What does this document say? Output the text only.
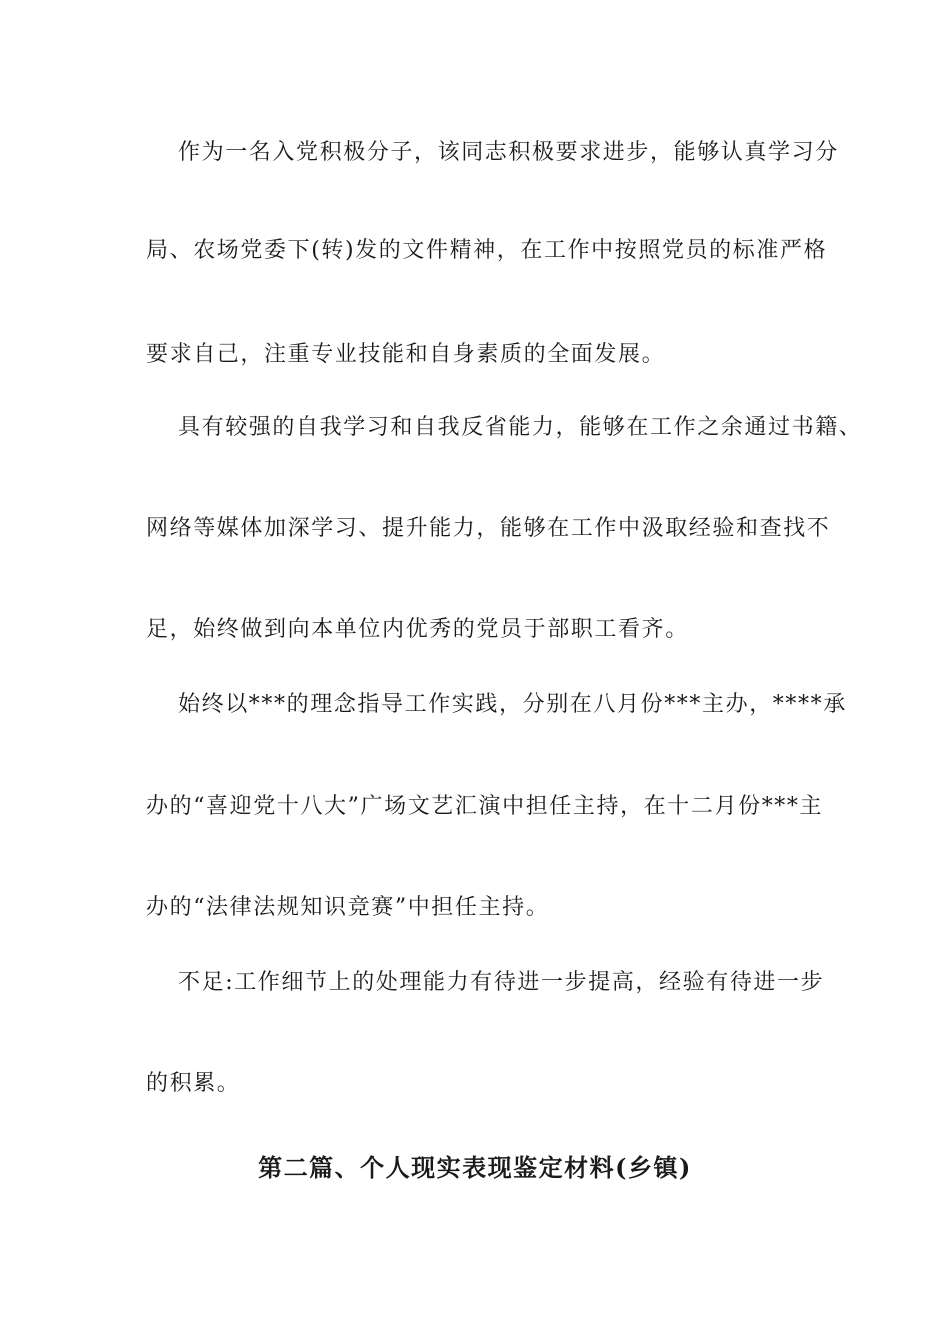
作为一名入党积极分子，该同志积极要求进步，能够认真学习分
局、农场党委下(转)发的文件精神，在工作中按照党员的标准严格
要求自己，注重专业技能和自身素质的全面发展。
具有较强的自我学习和自我反省能力，能够在工作之余通过书籍、
网络等媒体加深学习、提升能力，能够在工作中汲取经验和查找不
足，始终做到向本单位内优秀的党员于部职工看齐。
始终以***的理念指导工作实践，分别在八月份***主办，****承
办的“喜迎党十八大”广场文艺汇演中担任主持，在十二月份***主
办的“法律法规知识竞赛”中担任主持。
不足:工作细节上的处理能力有待进一步提高，经验有待进一步
的积累。
第二篇、个人现实表现鉴定材料(乡镇)
